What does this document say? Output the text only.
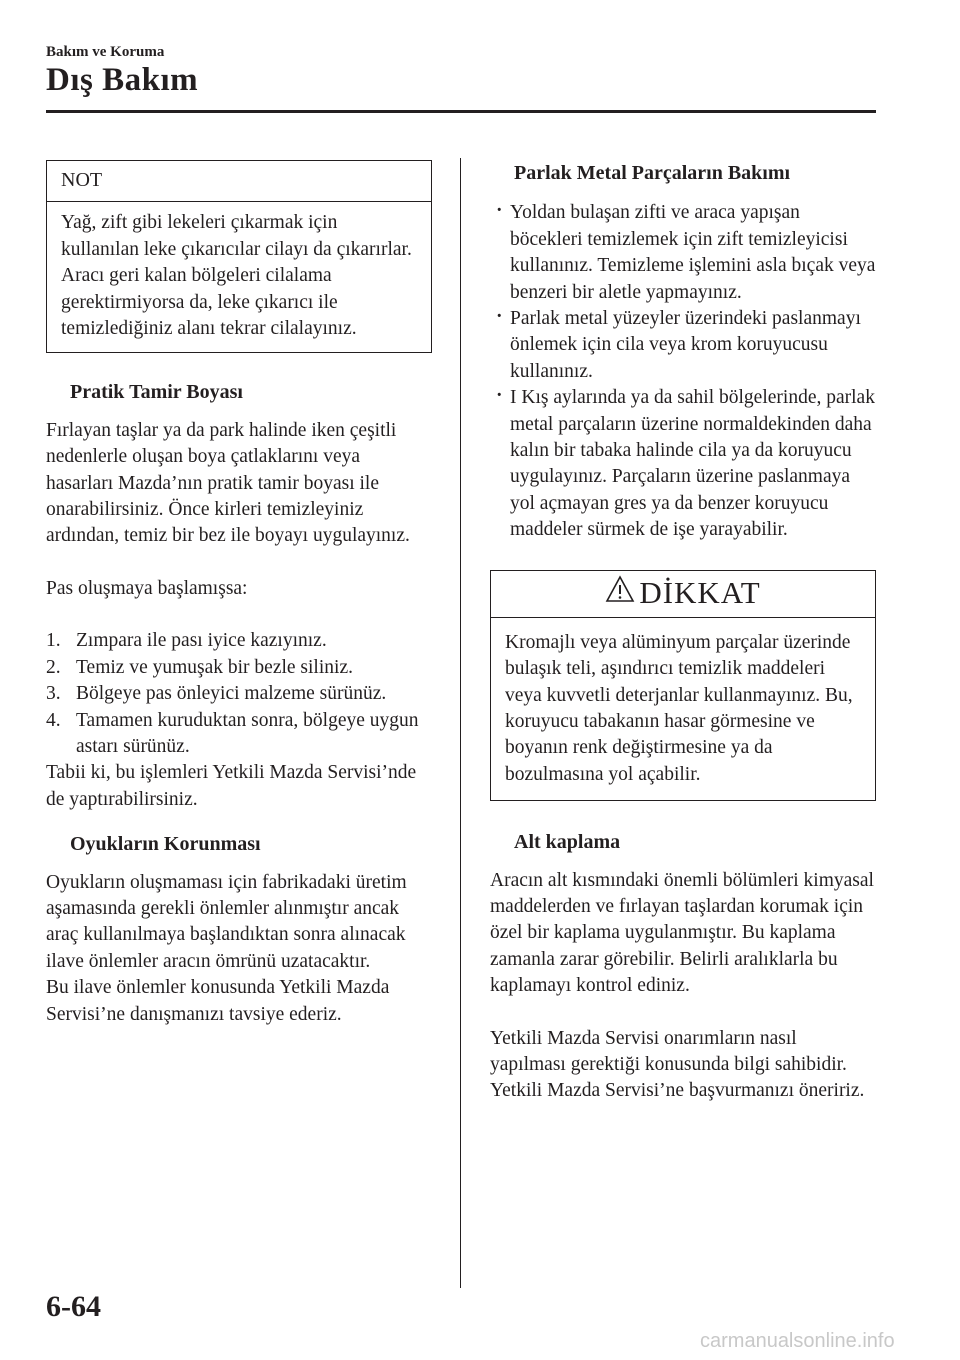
Bakım ve Koruma
Dış Bakım
NOT
Yağ, zift gibi lekeleri çıkarmak için kullanılan leke çıkarıcılar cilayı da çıkarırlar. Aracı geri kalan bölgeleri cilalama gerektirmiyorsa da, leke çıkarıcı ile temizlediğiniz alanı tekrar cilalayınız.

Pratik Tamir Boyası

Fırlayan taşlar ya da park halinde iken çeşitli nedenlerle oluşan boya çatlaklarını veya hasarları Mazda’nın pratik tamir boyası ile onarabilirsiniz. Önce kirleri temizleyiniz ardından, temiz bir bez ile boyayı uygulayınız.

Pas oluşmaya başlamışsa:

1. Zımpara ile pası iyice kazıyınız.
2. Temiz ve yumuşak bir bezle siliniz.
3. Bölgeye pas önleyici malzeme sürünüz.
4. Tamamen kuruduktan sonra, bölgeye uygun astarı sürünüz.

Tabii ki, bu işlemleri Yetkili Mazda Servisi’nde de yaptırabilirsiniz.

Oyukların Korunması

Oyukların oluşmaması için fabrikadaki üretim aşamasında gerekli önlemler alınmıştır ancak araç kullanılmaya başlandıktan sonra alınacak ilave önlemler aracın ömrünü uzatacaktır.

Bu ilave önlemler konusunda Yetkili Mazda Servisi’ne danışmanızı tavsiye ederiz.

Parlak Metal Parçaların Bakımı

· Yoldan bulaşan zifti ve araca yapışan böcekleri temizlemek için zift temizleyicisi kullanınız. Temizleme işlemini asla bıçak veya benzeri bir aletle yapmayınız.
· Parlak metal yüzeyler üzerindeki paslanmayı önlemek için cila veya krom koruyucusu kullanınız.
· I Kış aylarında ya da sahil bölgelerinde, parlak metal parçaların üzerine normaldekinden daha kalın bir tabaka halinde cila ya da koruyucu uygulayınız. Parçaların üzerine paslanmaya yol açmayan gres ya da benzer koruyucu maddeler sürmek de işe yarayabilir.
DİKKAT
Kromajlı veya alüminyum parçalar üzerinde bulaşık teli, aşındırıcı temizlik maddeleri veya kuvvetli deterjanlar kullanmayınız. Bu, koruyucu tabakanın hasar görmesine ve boyanın renk değiştirmesine ya da bozulmasına yol açabilir.

Alt kaplama

Aracın alt kısmındaki önemli bölümleri kimyasal maddelerden ve fırlayan taşlardan korumak için özel bir kaplama uygulanmıştır. Bu kaplama zamanla zarar görebilir. Belirli aralıklarla bu kaplamayı kontrol ediniz.

Yetkili Mazda Servisi onarımların nasıl yapılması gerektiği konusunda bilgi sahibidir. Yetkili Mazda Servisi’ne başvurmanızı öneririz.

6-64
carmanualsonline.info
